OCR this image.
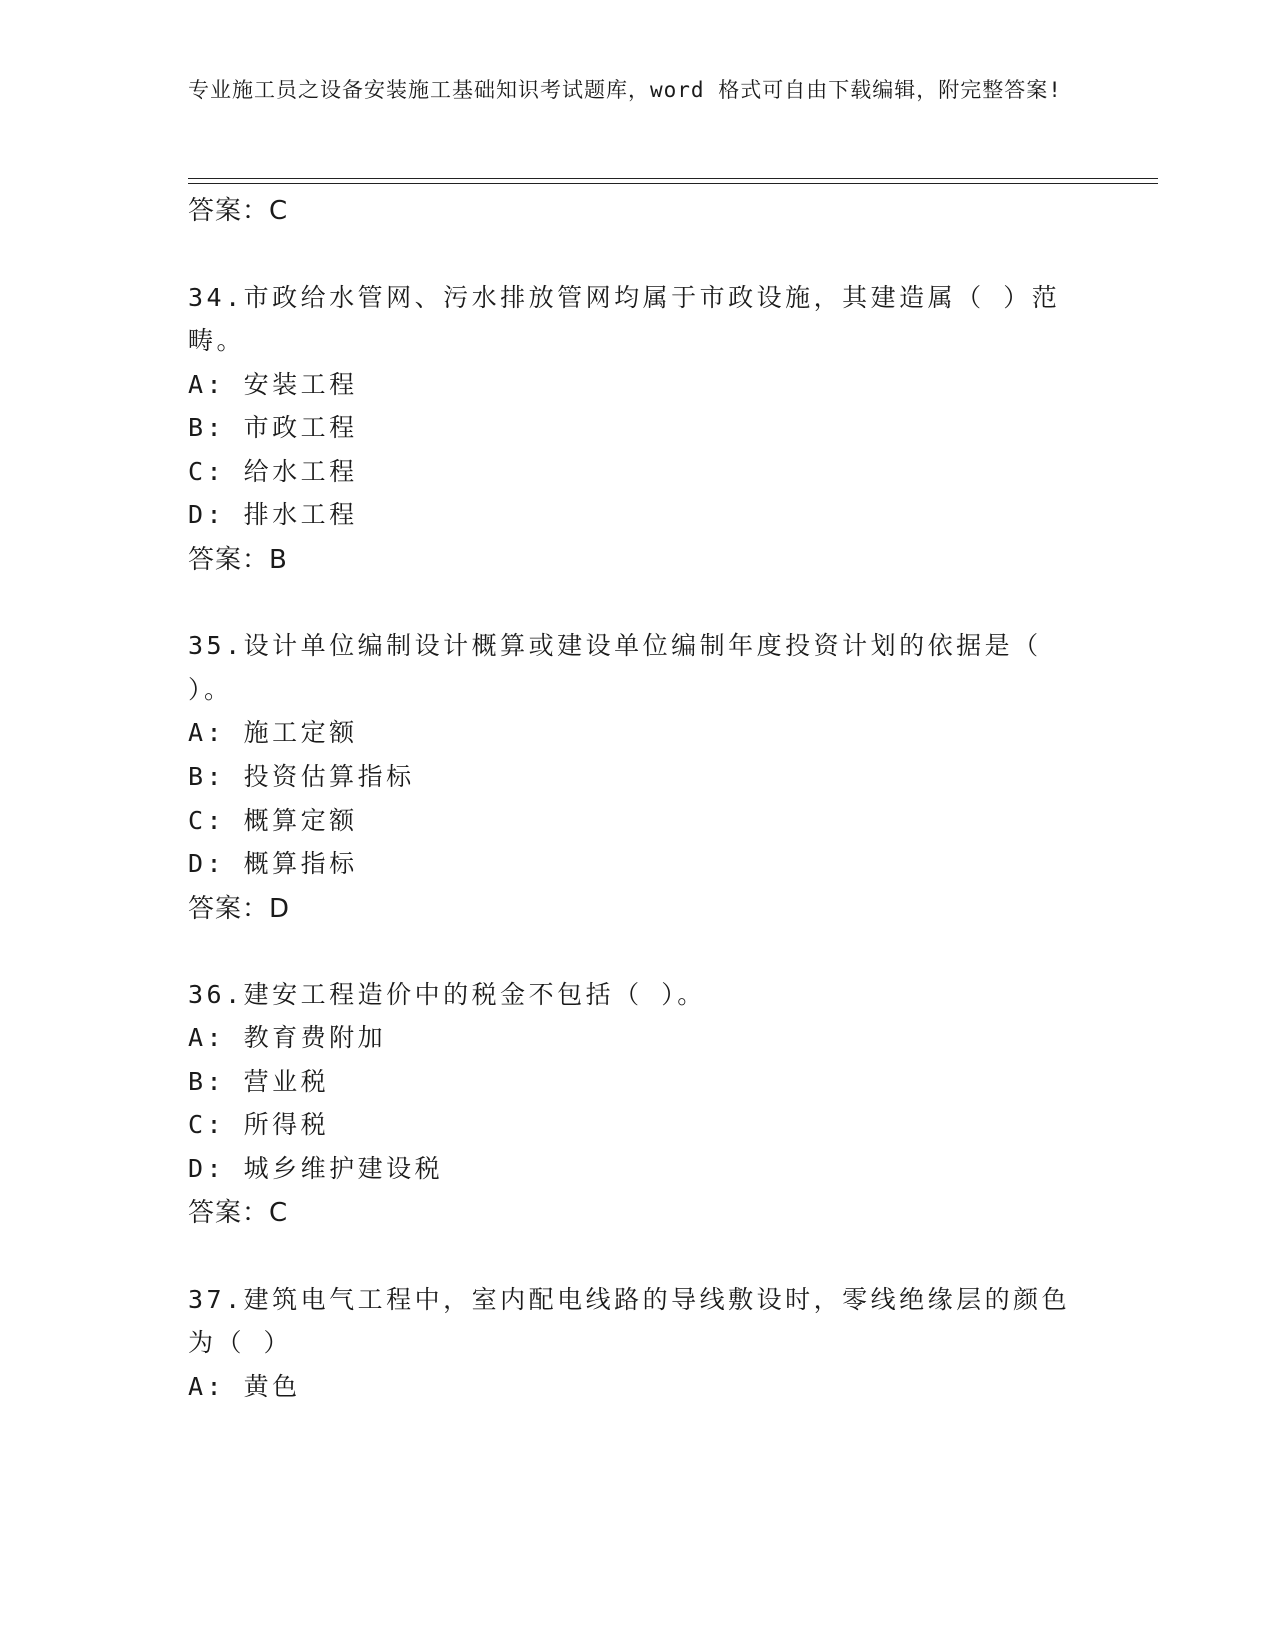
专业施工员之设备安装施工基础知识考试题库，word 格式可自由下载编辑，附完整答案!
答案：C
34.市政给水管网、污水排放管网均属于市政设施，其建造属（ ）范
畴。
A: 安装工程
B: 市政工程
C: 给水工程
D: 排水工程
答案：B
35.设计单位编制设计概算或建设单位编制年度投资计划的依据是（
）。
A: 施工定额
B: 投资估算指标
C: 概算定额
D: 概算指标
答案：D
36.建安工程造价中的税金不包括（ ）。
A: 教育费附加
B: 营业税
C: 所得税
D: 城乡维护建设税
答案：C
37.建筑电气工程中，室内配电线路的导线敷设时，零线绝缘层的颜色
为（ ）
A: 黄色
